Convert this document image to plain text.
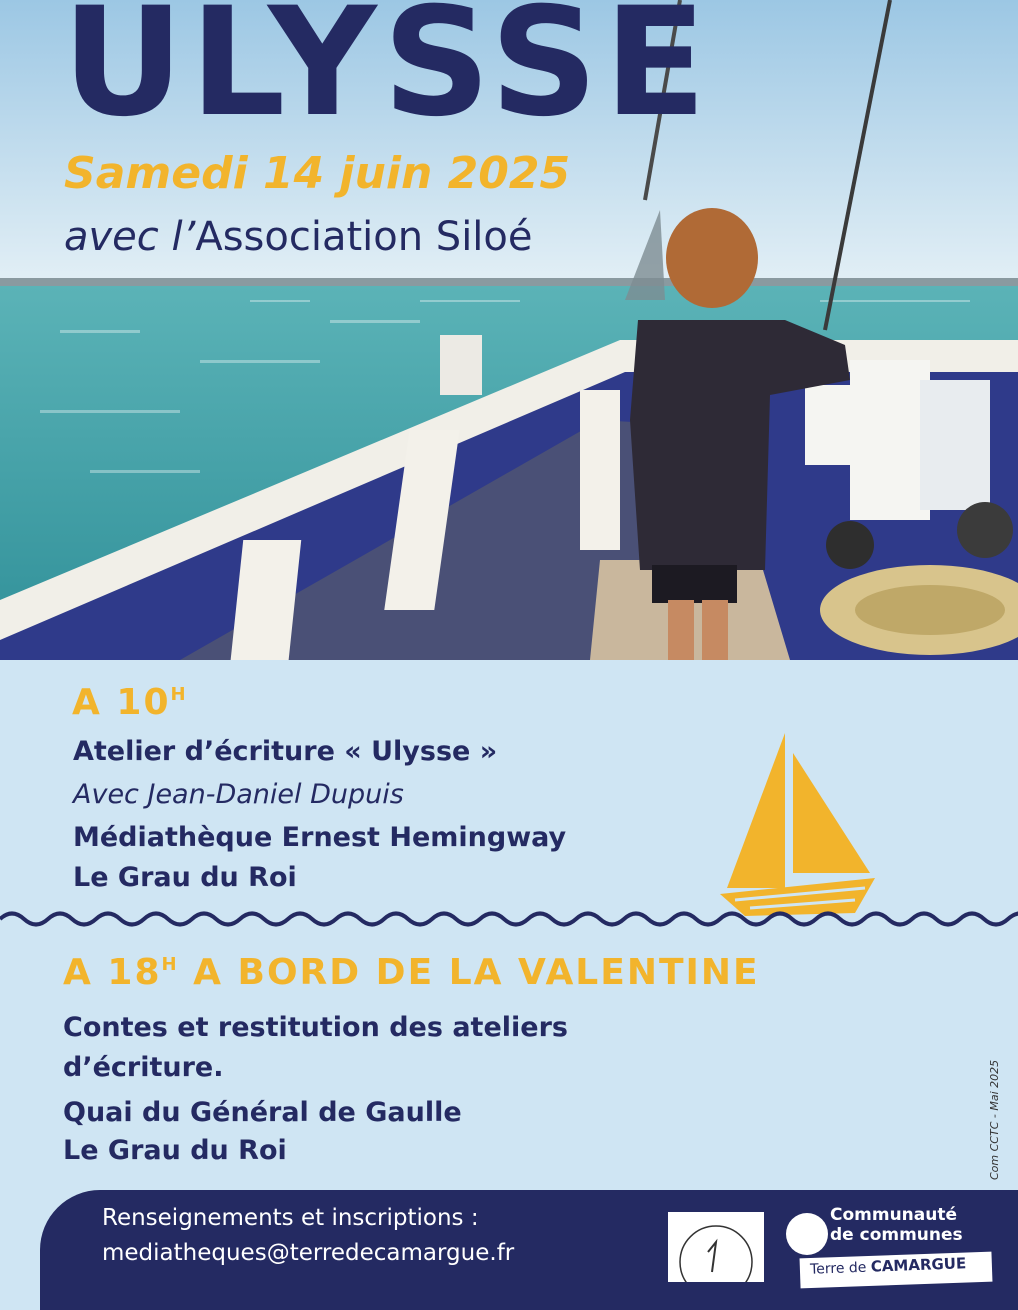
ULYSSE
Samedi 14 juin 2025
avec l’Association Siloé
A $10^H$
Atelier d’écriture « Ulysse »
Avec Jean-Daniel Dupuis
Médiathèque Ernest Hemingway
Le Grau du Roi
A $18^H$ A BORD DE LA VALENTINE
Contes et restitution des ateliers
d’écriture.
Quai du Général de Gaulle
Le Grau du Roi	Com CCTC - Mai 2025
Renseignements et inscriptions :
mediatheques@terredecamargue.fr
Communauté
de communes
Terre de CAMARGUE
